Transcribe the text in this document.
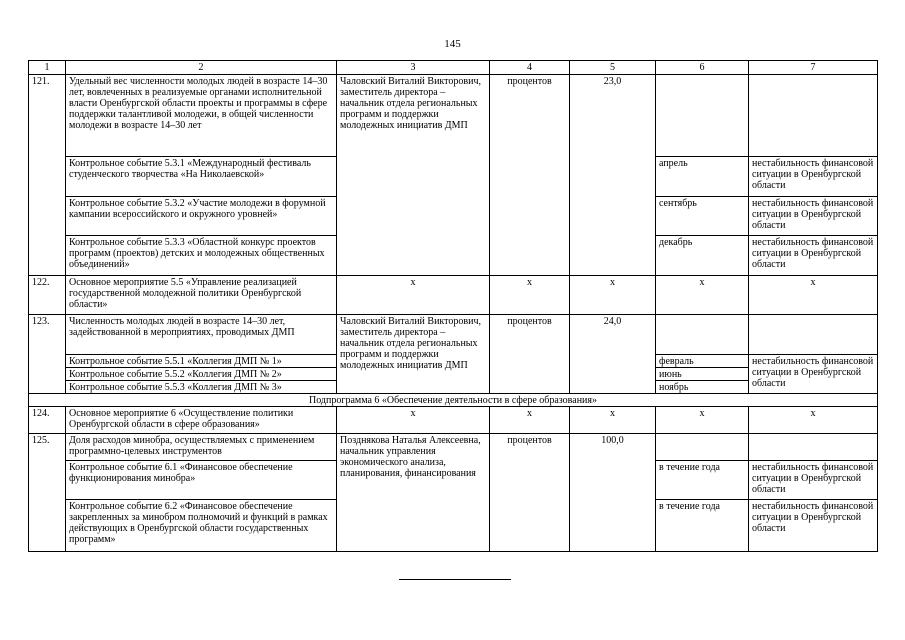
145
1	2	3	4	5	6	7
121.	Удельный вес численности молодых людей в возрасте 14–30 лет, вовлеченных в реализуемые органами исполнительной власти Оренбургской области проекты и программы в сфере поддержки талантливой молодежи, в общей численности молодежи в возрасте 14–30 лет	Чаловский Виталий Викторович, заместитель директора – начальник отдела региональных программ и поддержки молодежных инициатив ДМП	процентов	23,0		
	Контрольное событие 5.3.1 «Международный фестиваль студенческого творчества «На Николаевской»				апрель	нестабильность финансовой ситуации в Оренбургской области
	Контрольное событие 5.3.2 «Участие молодежи в форумной кампании всероссийского и окружного уровней»				сентябрь	нестабильность финансовой ситуации в Оренбургской области
	Контрольное событие 5.3.3 «Областной конкурс проектов программ (проектов) детских и молодежных общественных объединений»				декабрь	нестабильность финансовой ситуации в Оренбургской области
122.	Основное мероприятие 5.5 «Управление реализацией государственной молодежной политики Оренбургской области»	х	х	х	х	х
123.	Численность молодых людей в возрасте 14–30 лет, задействованной в мероприятиях, проводимых ДМП	Чаловский Виталий Викторович, заместитель директора – начальник отдела региональных программ и поддержки молодежных инициатив ДМП	процентов	24,0		
	Контрольное событие 5.5.1 «Коллегия ДМП № 1»				февраль	нестабильность финансовой ситуации в Оренбургской области
	Контрольное событие 5.5.2 «Коллегия ДМП № 2»				июнь	
	Контрольное событие 5.5.3 «Коллегия ДМП № 3»				ноябрь	
Подпрограмма 6 «Обеспечение деятельности в сфере образования»						
124.	Основное мероприятие 6 «Осуществление политики Оренбургской области в сфере образования»	х	х	х	х	х
125.	Доля расходов минобра, осуществляемых с применением программно-целевых инструментов	Позднякова Наталья Алексеевна, начальник управления экономического анализа, планирования, финансирования	процентов	100,0		
	Контрольное событие 6.1 «Финансовое обеспечение функционирования минобра»				в течение года	нестабильность финансовой ситуации в Оренбургской области
	Контрольное событие 6.2 «Финансовое обеспечение закрепленных за минобром полномочий и функций в рамках действующих в Оренбургской области государственных программ»				в течение года	нестабильность финансовой ситуации в Оренбургской области
